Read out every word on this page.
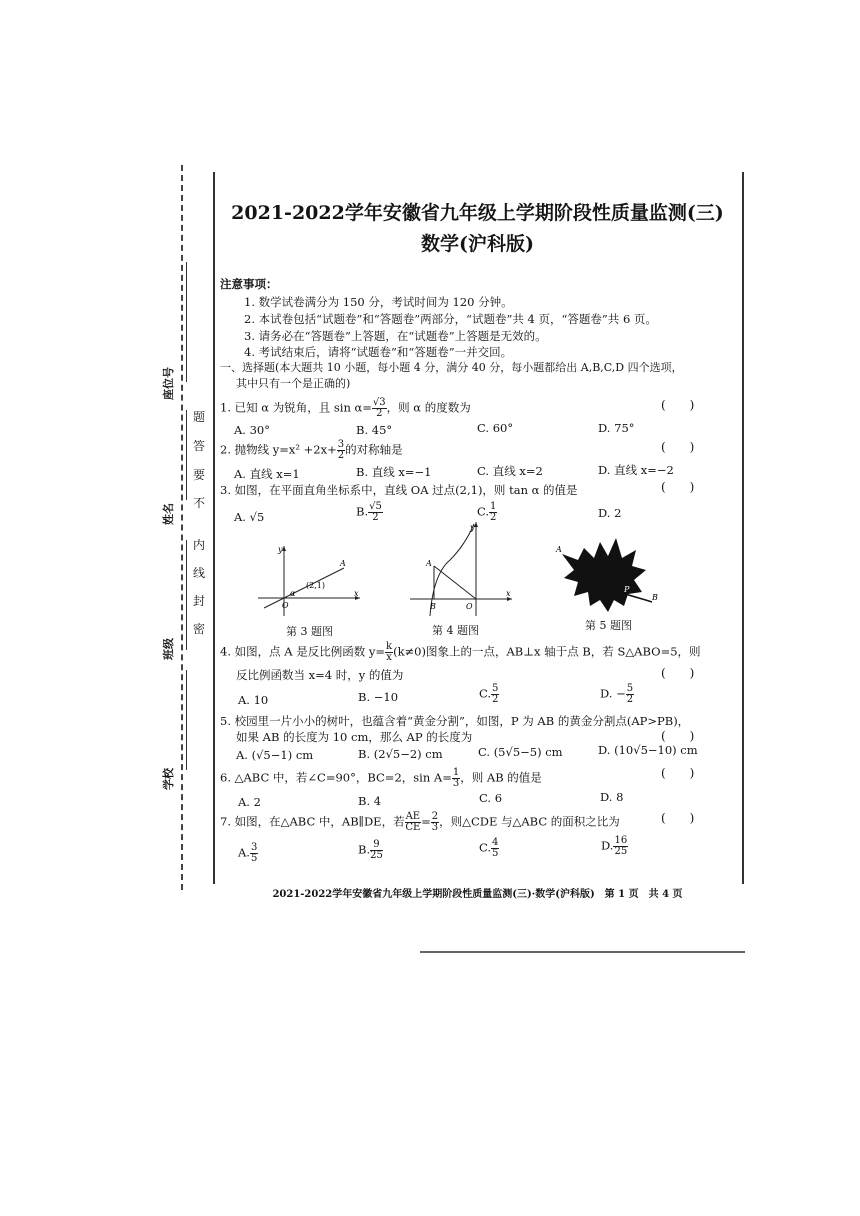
座位号
姓名
班级
学校
密
封
线
内
不
要
答
题
2021-2022学年安徽省九年级上学期阶段性质量监测(三)
数学(沪科版)
注意事项：
1. 数学试卷满分为 150 分，考试时间为 120 分钟。
2. 本试卷包括“试题卷”和“答题卷”两部分，“试题卷”共 4 页，“答题卷”共 6 页。
3. 请务必在“答题卷”上答题，在“试题卷”上答题是无效的。
4. 考试结束后，请将“试题卷”和“答题卷”一并交回。
一、选择题(本大题共 10 小题，每小题 4 分，满分 40 分，每小题都给出 A,B,C,D 四个选项，
其中只有一个是正确的)
1. 已知 α 为锐角，且 $\sin \alpha= \frac{√3}{2}$ ，则 α 的度数为	(　　)
A. 30°	B. 45°	C. 60°	D. 75°
2. 抛物线 $y=x^2 +2x+ \frac{3}{2}$ 的对称轴是	(　　)
A. 直线 x=1	B. 直线 x=−1	C. 直线 x=2	D. 直线 x=−2
3. 如图，在平面直角坐标系中，直线 OA 过点(2,1)，则 tan α 的值是	(　　)
A. √5	B. $\frac{√5}{2}$	C. $\frac{1}{2}$	D. 2
y
x
O
A
α
(2,1)
第 3 题图
y
x
O
A
B
第 4 题图
A
P
B
第 5 题图
4. 如图，点 A 是反比例函数 $y= \frac{k}{x} (k\ne 0)$图象上的一点，AB⊥x 轴于点 B，若 S△ABO=5，则
反比例函数当 x=4 时，y 的值为	(　　)
A. 10	B. −10	C. $\frac{5}{2}$	D. − $\frac{5}{2}$
5. 校园里一片小小的树叶，也蕴含着“黄金分割”，如图，P 为 AB 的黄金分割点(AP>PB)，
如果 AB 的长度为 10 cm，那么 AP 的长度为	(　　)
A. (√5−1) cm	B. (2√5−2) cm	C. (5√5−5) cm	D. (10√5−10) cm
6. △ABC 中，若∠C=90°，BC=2，$\sin A= \frac{1}{3}$ ，则 AB 的值是	(　　)
A. 2	B. 4	C. 6	D. 8
7. 如图，在△ABC 中，AB∥DE，若 $\frac{AE}{CE} = \frac{2}{3}$ ，则△CDE 与△ABC 的面积之比为	(　　)
A. $\frac{3}{5}$	B. $\frac{9}{25}$	C. $\frac{4}{5}$	D. $\frac{16}{25}$
2021-2022学年安徽省九年级上学期阶段性质量监测(三)·数学(沪科版)　第 1 页　共 4 页
